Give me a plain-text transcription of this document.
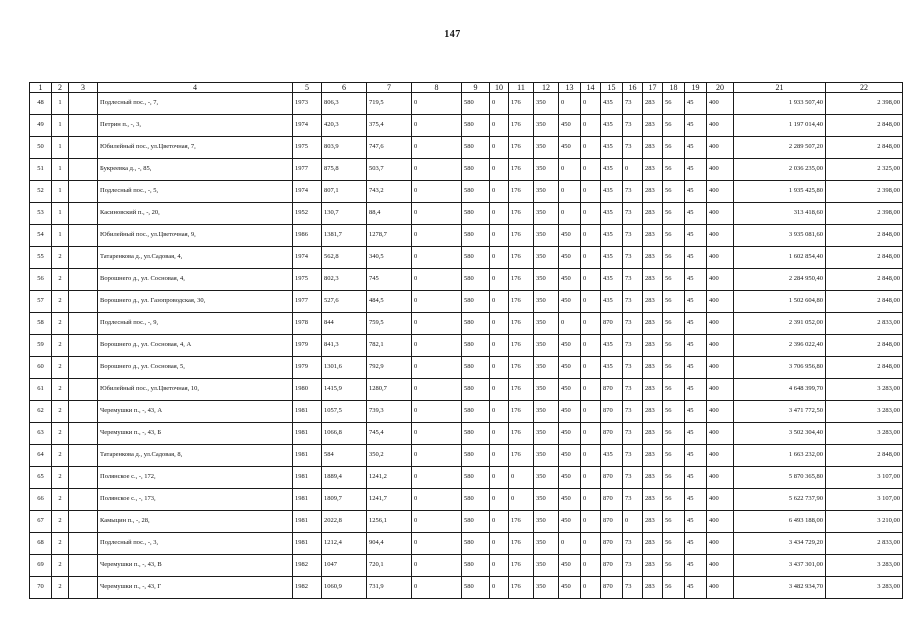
147
1	2	3	4	5	6	7	8	9	10	11	12	13	14	15	16	17	18	19	20	21	22
48	1		Подлесный пос., -, 7,	1973	806,3	719,5	0	580	0	176	350	0	0	435	73	283	56	45	400	1 933 507,40	2 398,00
49	1		Петрин п., -, 3,	1974	420,3	375,4	0	580	0	176	350	450	0	435	73	283	56	45	400	1 197 014,40	2 848,00
50	1		Юбилейный пос., ул.Цветочная, 7,	1975	803,9	747,6	0	580	0	176	350	450	0	435	73	283	56	45	400	2 289 507,20	2 848,00
51	1		Букреевка д., -, 85,	1977	875,8	503,7	0	580	0	176	350	0	0	435	0	283	56	45	400	2 036 235,00	2 325,00
52	1		Подлесный пос., -, 5,	1974	807,1	743,2	0	580	0	176	350	0	0	435	73	283	56	45	400	1 935 425,80	2 398,00
53	1		Касиновский п., -, 20,	1952	130,7	88,4	0	580	0	176	350	0	0	435	73	283	56	45	400	313 418,60	2 398,00
54	1		Юбилейный пос., ул.Цветочная, 9,	1986	1381,7	1278,7	0	580	0	176	350	450	0	435	73	283	56	45	400	3 935 081,60	2 848,00
55	2		Татаренкова д., ул.Садовая, 4,	1974	562,8	340,5	0	580	0	176	350	450	0	435	73	283	56	45	400	1 602 854,40	2 848,00
56	2		Ворошнего д., ул. Сосновая, 4,	1975	802,3	745	0	580	0	176	350	450	0	435	73	283	56	45	400	2 284 950,40	2 848,00
57	2		Ворошнего д., ул. Газопроводская, 30,	1977	527,6	484,5	0	580	0	176	350	450	0	435	73	283	56	45	400	1 502 604,80	2 848,00
58	2		Подлесный пос., -, 9,	1978	844	759,5	0	580	0	176	350	0	0	870	73	283	56	45	400	2 391 052,00	2 833,00
59	2		Ворошнего д., ул. Сосновая, 4, А	1979	841,3	782,1	0	580	0	176	350	450	0	435	73	283	56	45	400	2 396 022,40	2 848,00
60	2		Ворошнего д., ул. Сосновая, 5,	1979	1301,6	792,9	0	580	0	176	350	450	0	435	73	283	56	45	400	3 706 956,80	2 848,00
61	2		Юбилейный пос., ул.Цветочная, 10,	1980	1415,9	1280,7	0	580	0	176	350	450	0	870	73	283	56	45	400	4 648 399,70	3 283,00
62	2		Черемушки п., -, 43, А	1981	1057,5	739,3	0	580	0	176	350	450	0	870	73	283	56	45	400	3 471 772,50	3 283,00
63	2		Черемушки п., -, 43, Б	1981	1066,8	745,4	0	580	0	176	350	450	0	870	73	283	56	45	400	3 502 304,40	3 283,00
64	2		Татаренкова д., ул.Садовая, 8,	1981	584	350,2	0	580	0	176	350	450	0	435	73	283	56	45	400	1 663 232,00	2 848,00
65	2		Полянское с., -, 172,	1981	1889,4	1241,2	0	580	0	0	350	450	0	870	73	283	56	45	400	5 870 365,80	3 107,00
66	2		Полянское с., -, 173,	1981	1809,7	1241,7	0	580	0	0	350	450	0	870	73	283	56	45	400	5 622 737,90	3 107,00
67	2		Камыцин п., -, 28,	1981	2022,8	1256,1	0	580	0	176	350	450	0	870	0	283	56	45	400	6 493 188,00	3 210,00
68	2		Подлесный пос., -, 3,	1981	1212,4	904,4	0	580	0	176	350	0	0	870	73	283	56	45	400	3 434 729,20	2 833,00
69	2		Черемушки п., -, 43, В	1982	1047	720,1	0	580	0	176	350	450	0	870	73	283	56	45	400	3 437 301,00	3 283,00
70	2		Черемушки п., -, 43, Г	1982	1060,9	731,9	0	580	0	176	350	450	0	870	73	283	56	45	400	3 482 934,70	3 283,00
